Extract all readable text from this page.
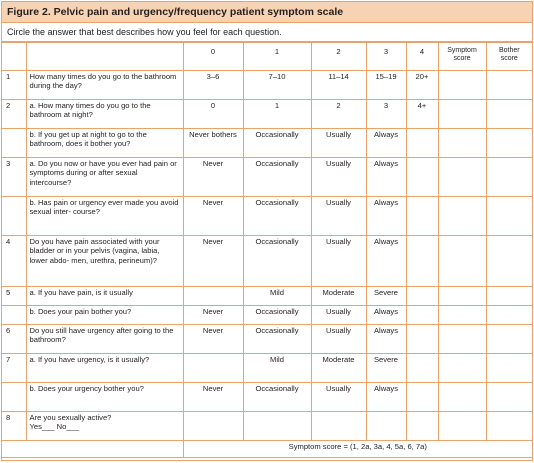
Figure 2. Pelvic pain and urgency/frequency patient symptom scale
Circle the answer that best describes how you feel for each question.
		0	1	2	3	4	Symptom score	Bother score
1	How many times do you go to the bathroom during the day?	3–6	7–10	11–14	15–19	20+		
2	a. How many times do you go to the bathroom at night?	0	1	2	3	4+		
	b. If you get up at night to go to the bathroom, does it bother you?	Never bothers	Occasionally	Usually	Always			
3	a. Do you now or have you ever had pain or symptoms during or after sexual intercourse?	Never	Occasionally	Usually	Always			
	b. Has pain or urgency ever made you avoid sexual inter- course?	Never	Occasionally	Usually	Always			
4	Do you have pain associated with your bladder or in your pelvis (vagina, labia, lower abdo- men, urethra, perineum)?	Never	Occasionally	Usually	Always			
5	a. If you have pain, is it usually		Mild	Moderate	Severe			
	b. Does your pain bother you?	Never	Occasionally	Usually	Always			
6	Do you still have urgency after going to the bathroom?	Never	Occasionally	Usually	Always			
7	a. If you have urgency, is it usually?		Mild	Moderate	Severe			
	b. Does your urgency bother you?	Never	Occasionally	Usually	Always			
8	Are you sexually active?
Yes___ No___							
		Symptom score = (1, 2a, 3a, 4, 5a, 6, 7a)						
